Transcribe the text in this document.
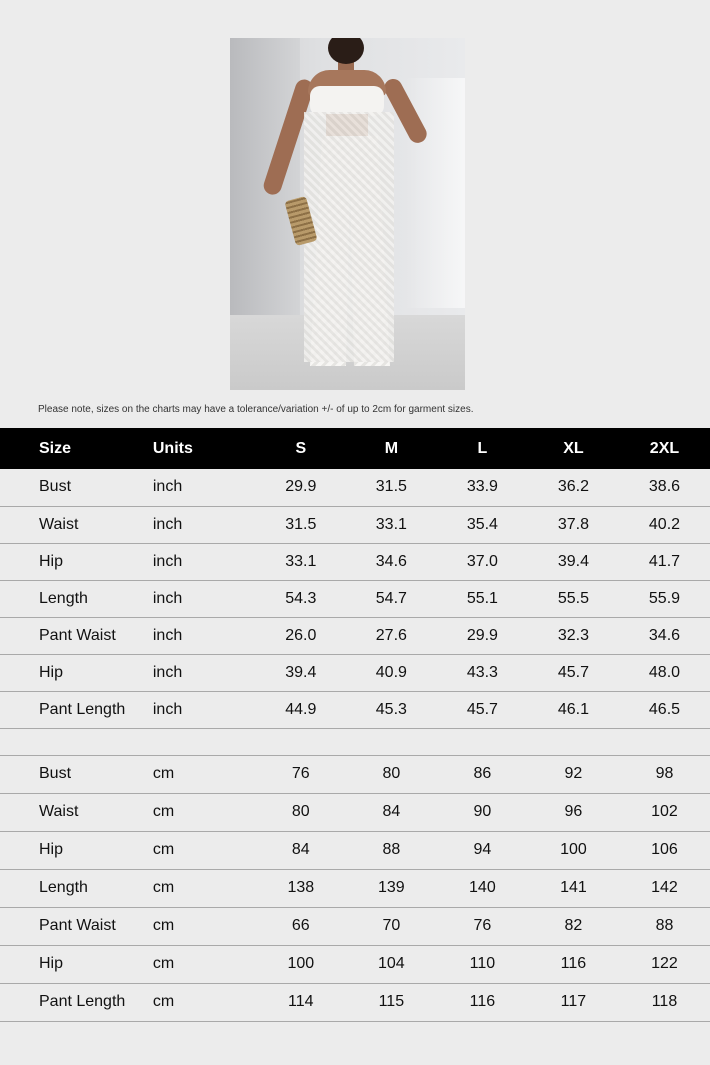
Please note, sizes on the charts may have a tolerance/variation +/- of up to 2cm for garment sizes.
Size	Units	S	M	L	XL	2XL
Bust	inch	29.9	31.5	33.9	36.2	38.6
Waist	inch	31.5	33.1	35.4	37.8	40.2
Hip	inch	33.1	34.6	37.0	39.4	41.7
Length	inch	54.3	54.7	55.1	55.5	55.9
Pant Waist	inch	26.0	27.6	29.9	32.3	34.6
Hip	inch	39.4	40.9	43.3	45.7	48.0
Pant Length	inch	44.9	45.3	45.7	46.1	46.5

Bust	cm	76	80	86	92	98
Waist	cm	80	84	90	96	102
Hip	cm	84	88	94	100	106
Length	cm	138	139	140	141	142
Pant Waist	cm	66	70	76	82	88
Hip	cm	100	104	110	116	122
Pant Length	cm	114	115	116	117	118
